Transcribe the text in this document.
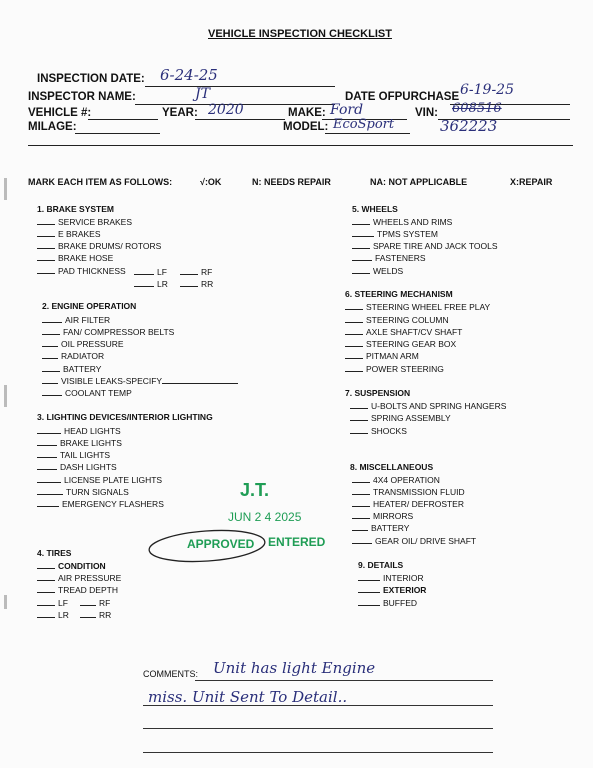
VEHICLE INSPECTION CHECKLIST
INSPECTION DATE: 6-24-25
INSPECTOR NAME:	JT	DATE OFPURCHASE 6-19-25
VEHICLE #:	YEAR: 2020	MAKE: Ford	VIN: 608516
362223
MILAGE:	MODEL: EcoSport
MARK EACH ITEM AS FOLLOWS:	√:OK	N: NEEDS REPAIR	NA: NOT APPLICABLE	X:REPAIR
1. BRAKE SYSTEM
SERVICE BRAKES
E BRAKES
BRAKE DRUMS/ ROTORS
BRAKE HOSE
PAD THICKNESS	LF	RF
LR	RR
2. ENGINE OPERATION
AIR FILTER
FAN/ COMPRESSOR BELTS
OIL PRESSURE
RADIATOR
BATTERY
VISIBLE LEAKS-SPECIFY
COOLANT TEMP
3. LIGHTING DEVICES/INTERIOR LIGHTING
HEAD LIGHTS
BRAKE LIGHTS
TAIL LIGHTS
DASH LIGHTS
LICENSE PLATE LIGHTS
TURN SIGNALS
EMERGENCY FLASHERS
4. TIRES
CONDITION
AIR PRESSURE
TREAD DEPTH
LF	RF
LR	RR
5. WHEELS
WHEELS AND RIMS
TPMS SYSTEM
SPARE TIRE AND JACK TOOLS
FASTENERS
WELDS
6. STEERING MECHANISM
STEERING WHEEL FREE PLAY
STEERING COLUMN
AXLE SHAFT/CV SHAFT
STEERING GEAR BOX
PITMAN ARM
POWER STEERING
7. SUSPENSION
U-BOLTS AND SPRING HANGERS
SPRING ASSEMBLY
SHOCKS
8. MISCELLANEOUS
4X4 OPERATION
TRANSMISSION FLUID
HEATER/ DEFROSTER
MIRRORS
BATTERY
GEAR OIL/ DRIVE SHAFT
9. DETAILS
INTERIOR
EXTERIOR
BUFFED
J.T.
JUN 2 4 2025
APPROVED ENTERED
COMMENTS: Unit has light Engine
miss. Unit Sent To Detail..
